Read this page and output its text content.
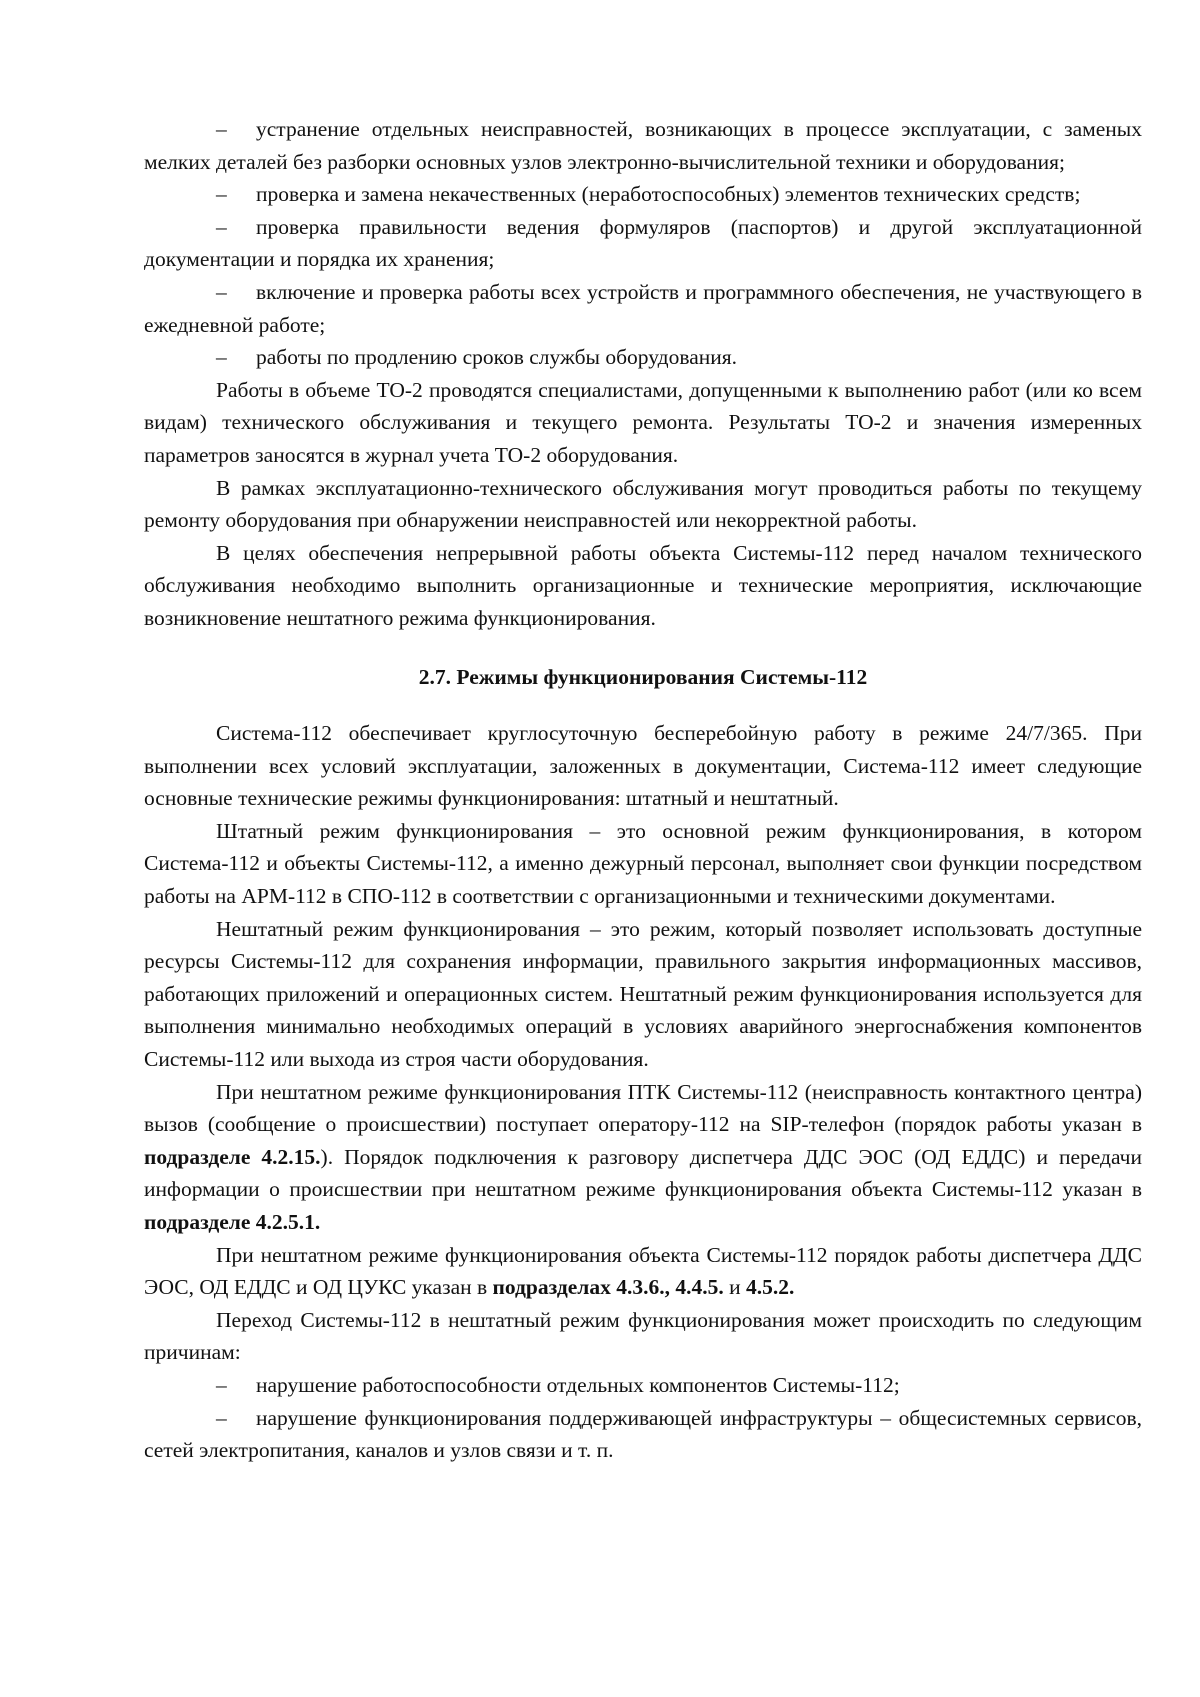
– устранение отдельных неисправностей, возникающих в процессе эксплуатации, с заменых мелких деталей без разборки основных узлов электронно-вычислительной техники и оборудования;

– проверка и замена некачественных (неработоспособных) элементов технических средств;

– проверка правильности ведения формуляров (паспортов) и другой эксплуатационной документации и порядка их хранения;

– включение и проверка работы всех устройств и программного обеспечения, не участвующего в ежедневной работе;

– работы по продлению сроков службы оборудования.

Работы в объеме ТО-2 проводятся специалистами, допущенными к выполнению работ (или ко всем видам) технического обслуживания и текущего ремонта. Результаты ТО-2 и значения измеренных параметров заносятся в журнал учета ТО-2 оборудования.

В рамках эксплуатационно-технического обслуживания могут проводиться работы по текущему ремонту оборудования при обнаружении неисправностей или некорректной работы.

В целях обеспечения непрерывной работы объекта Системы-112 перед началом технического обслуживания необходимо выполнить организационные и технические мероприятия, исключающие возникновение нештатного режима функционирования.

2.7. Режимы функционирования Системы-112

Система-112 обеспечивает круглосуточную бесперебойную работу в режиме 24/7/365. При выполнении всех условий эксплуатации, заложенных в документации, Система-112 имеет следующие основные технические режимы функционирования: штатный и нештатный.

Штатный режим функционирования – это основной режим функционирования, в котором Система-112 и объекты Системы-112, а именно дежурный персонал, выполняет свои функции посредством работы на АРМ-112 в СПО-112 в соответствии с организационными и техническими документами.

Нештатный режим функционирования – это режим, который позволяет использовать доступные ресурсы Системы-112 для сохранения информации, правильного закрытия информационных массивов, работающих приложений и операционных систем. Нештатный режим функционирования используется для выполнения минимально необходимых операций в условиях аварийного энергоснабжения компонентов Системы-112 или выхода из строя части оборудования.

При нештатном режиме функционирования ПТК Системы-112 (неисправность контактного центра) вызов (сообщение о происшествии) поступает оператору-112 на SIP-телефон (порядок работы указан в подразделе 4.2.15.). Порядок подключения к разговору диспетчера ДДС ЭОС (ОД ЕДДС) и передачи информации о происшествии при нештатном режиме функционирования объекта Системы-112 указан в подразделе 4.2.5.1.

При нештатном режиме функционирования объекта Системы-112 порядок работы диспетчера ДДС ЭОС, ОД ЕДДС и ОД ЦУКС указан в подразделах 4.3.6., 4.4.5. и 4.5.2.

Переход Системы-112 в нештатный режим функционирования может происходить по следующим причинам:

– нарушение работоспособности отдельных компонентов Системы-112;

– нарушение функционирования поддерживающей инфраструктуры – общесистемных сервисов, сетей электропитания, каналов и узлов связи и т. п.
